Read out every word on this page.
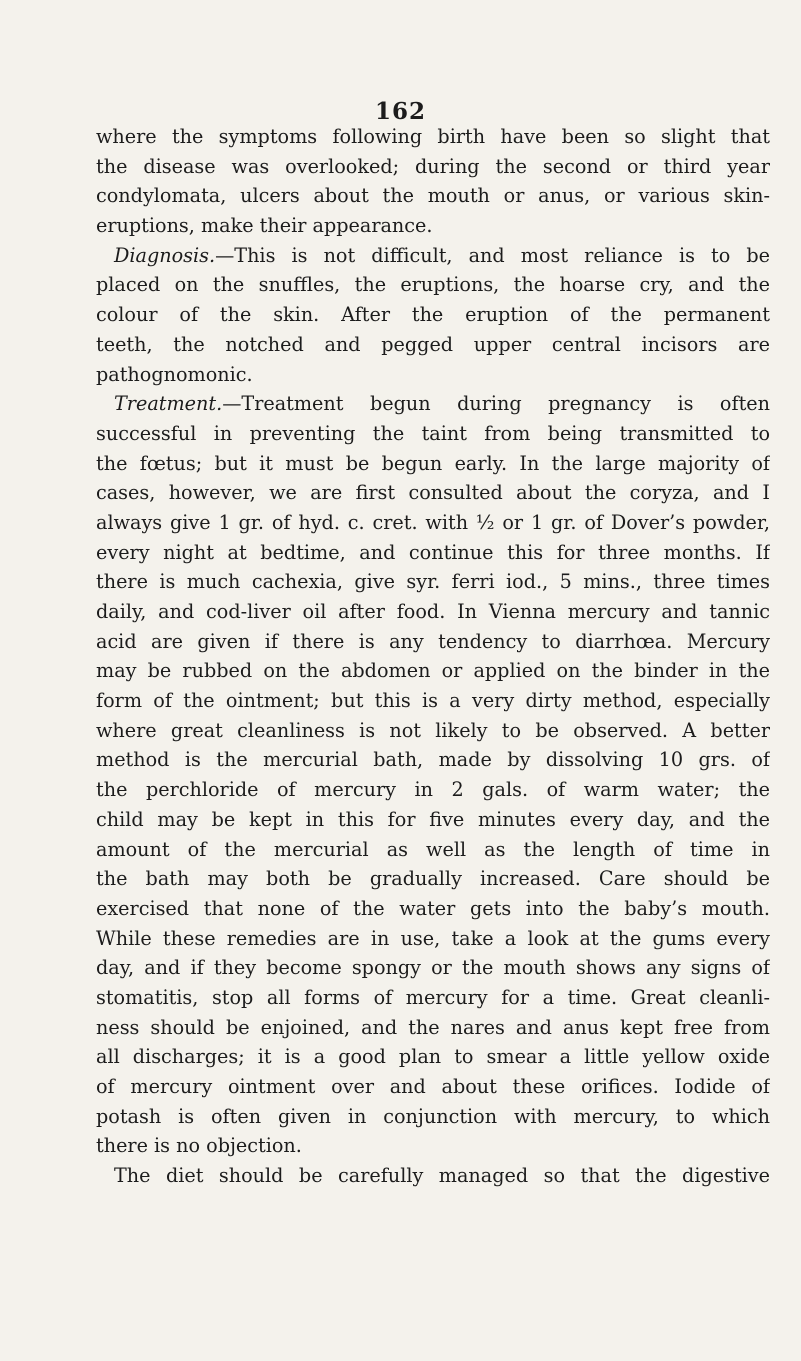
162
where the symptoms following birth have been so slight that
the disease was overlooked; during the second or third year
condylomata, ulcers about the mouth or anus, or various skin-
eruptions, make their appearance.
Diagnosis.—This is not difficult, and most reliance is to be
placed on the snuffles, the eruptions, the hoarse cry, and the
colour of the skin. After the eruption of the permanent
teeth, the notched and pegged upper central incisors are
pathognomonic.
Treatment.—Treatment begun during pregnancy is often
successful in preventing the taint from being transmitted to
the fœtus; but it must be begun early. In the large majority of
cases, however, we are first consulted about the coryza, and I
always give 1 gr. of hyd. c. cret. with ½ or 1 gr. of Dover’s powder,
every night at bedtime, and continue this for three months. If
there is much cachexia, give syr. ferri iod., 5 mins., three times
daily, and cod-liver oil after food. In Vienna mercury and tannic
acid are given if there is any tendency to diarrhœa. Mercury
may be rubbed on the abdomen or applied on the binder in the
form of the ointment; but this is a very dirty method, especially
where great cleanliness is not likely to be observed. A better
method is the mercurial bath, made by dissolving 10 grs. of
the perchloride of mercury in 2 gals. of warm water; the
child may be kept in this for five minutes every day, and the
amount of the mercurial as well as the length of time in
the bath may both be gradually increased. Care should be
exercised that none of the water gets into the baby’s mouth.
While these remedies are in use, take a look at the gums every
day, and if they become spongy or the mouth shows any signs of
stomatitis, stop all forms of mercury for a time. Great cleanli-
ness should be enjoined, and the nares and anus kept free from
all discharges; it is a good plan to smear a little yellow oxide
of mercury ointment over and about these orifices. Iodide of
potash is often given in conjunction with mercury, to which
there is no objection.
The diet should be carefully managed so that the digestive
